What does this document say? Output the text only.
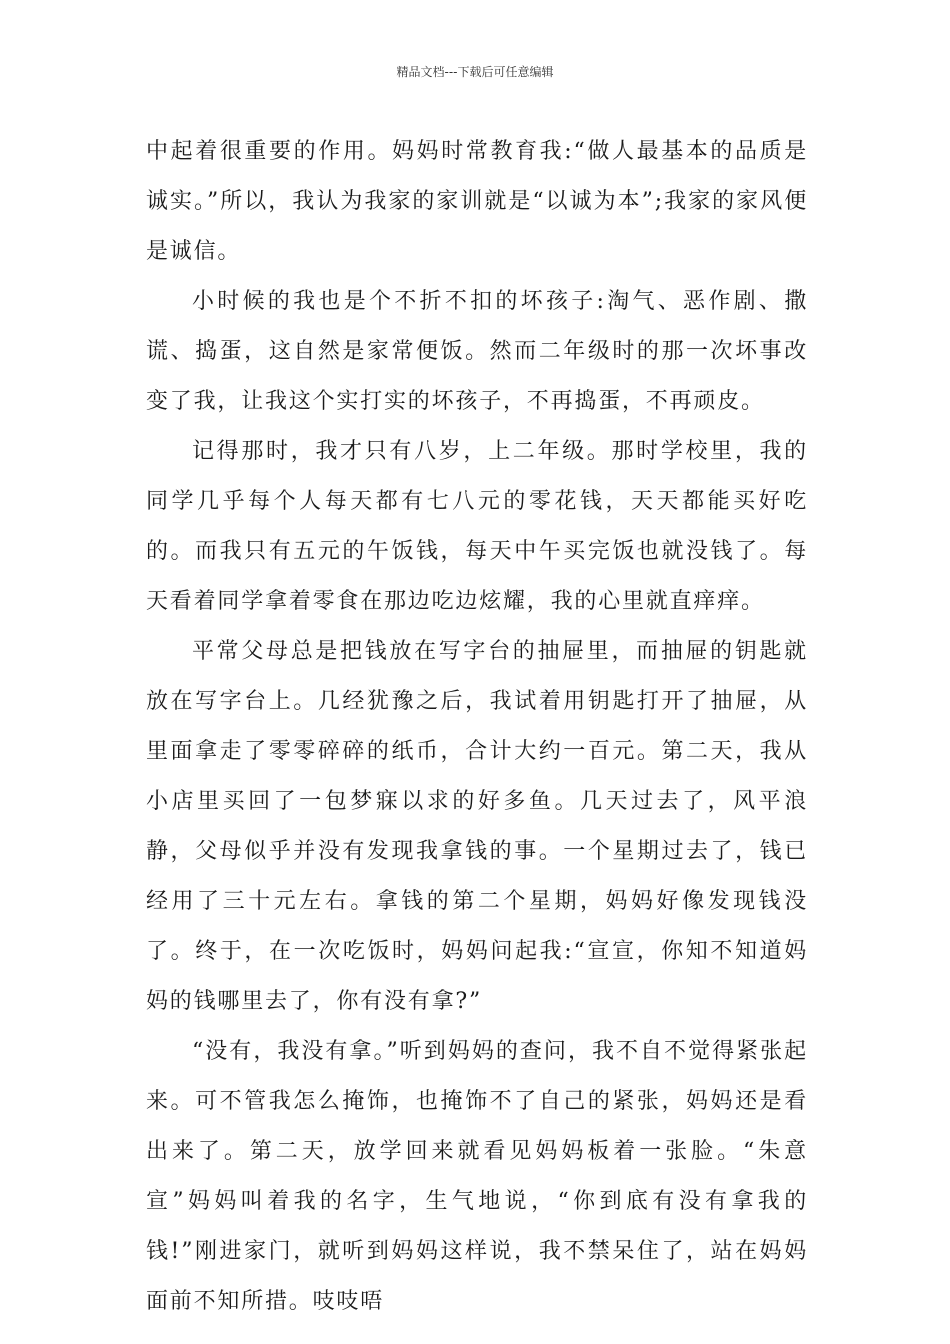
精品文档---下载后可任意编辑

中起着很重要的作用。妈妈时常教育我:“做人最基本的品质是诚实。”所以，我认为我家的家训就是“以诚为本”;我家的家风便是诚信。

小时候的我也是个不折不扣的坏孩子:淘气、恶作剧、撒谎、捣蛋，这自然是家常便饭。然而二年级时的那一次坏事改变了我，让我这个实打实的坏孩子，不再捣蛋，不再顽皮。

记得那时，我才只有八岁，上二年级。那时学校里，我的同学几乎每个人每天都有七八元的零花钱，天天都能买好吃的。而我只有五元的午饭钱，每天中午买完饭也就没钱了。每天看着同学拿着零食在那边吃边炫耀，我的心里就直痒痒。

平常父母总是把钱放在写字台的抽屉里，而抽屉的钥匙就放在写字台上。几经犹豫之后，我试着用钥匙打开了抽屉，从里面拿走了零零碎碎的纸币，合计大约一百元。第二天，我从小店里买回了一包梦寐以求的好多鱼。几天过去了，风平浪静，父母似乎并没有发现我拿钱的事。一个星期过去了，钱已经用了三十元左右。拿钱的第二个星期，妈妈好像发现钱没了。终于，在一次吃饭时，妈妈问起我:“宣宣，你知不知道妈妈的钱哪里去了，你有没有拿?”

“没有，我没有拿。”听到妈妈的查问，我不自不觉得紧张起来。可不管我怎么掩饰，也掩饰不了自己的紧张，妈妈还是看出来了。第二天，放学回来就看见妈妈板着一张脸。“朱意宣”妈妈叫着我的名字，生气地说，“你到底有没有拿我的钱!”刚进家门，就听到妈妈这样说，我不禁呆住了，站在妈妈面前不知所措。吱吱唔
